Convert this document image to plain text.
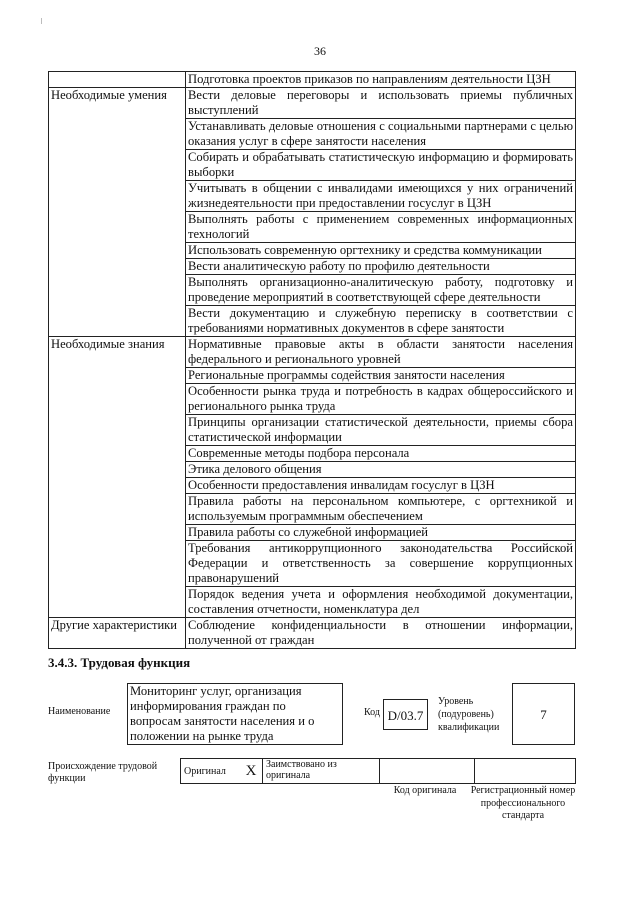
ǀ
36
	Подготовка проектов приказов по направлениям деятельности ЦЗН
Необходимые умения	Вести деловые переговоры и использовать приемы публичных выступлений
	Устанавливать деловые отношения с социальными партнерами с целью оказания услуг в сфере занятости населения
	Собирать и обрабатывать статистическую информацию и формировать выборки
	Учитывать в общении с инвалидами имеющихся у них ограничений жизнедеятельности при предоставлении госуслуг в ЦЗН
	Выполнять работы с применением современных информационных технологий
	Использовать современную оргтехнику и средства коммуникации
	Вести аналитическую работу по профилю деятельности
	Выполнять организационно-аналитическую работу, подготовку и проведение мероприятий в соответствующей сфере деятельности
	Вести документацию и служебную переписку в соответствии с требованиями нормативных документов в сфере занятости
Необходимые знания	Нормативные правовые акты в области занятости населения федерального и регионального уровней
	Региональные программы содействия занятости населения
	Особенности рынка труда и потребность в кадрах общероссийского и регионального рынка труда
	Принципы организации статистической деятельности, приемы сбора статистической информации
	Современные методы подбора персонала
	Этика делового общения
	Особенности предоставления инвалидам госуслуг в ЦЗН
	Правила работы на персональном компьютере, с оргтехникой и используемым программным обеспечением
	Правила работы со служебной информацией
	Требования антикоррупционного законодательства Российской Федерации и ответственность за совершение коррупционных правонарушений
	Порядок ведения учета и оформления необходимой документации, составления отчетности, номенклатура дел
Другие характеристики	Соблюдение конфиденциальности в отношении информации, полученной от граждан
3.4.3. Трудовая функция
Наименование
Мониторинг услуг, организация информирования граждан по вопросам занятости населения и о положении на рынке труда
Код D/03.7
Уровень (подуровень) квалификации
7
Происхождение трудовой функции
Оригинал	X	Заимствовано из оригинала		
Код оригинала	Регистрационный номер профессионального стандарта
